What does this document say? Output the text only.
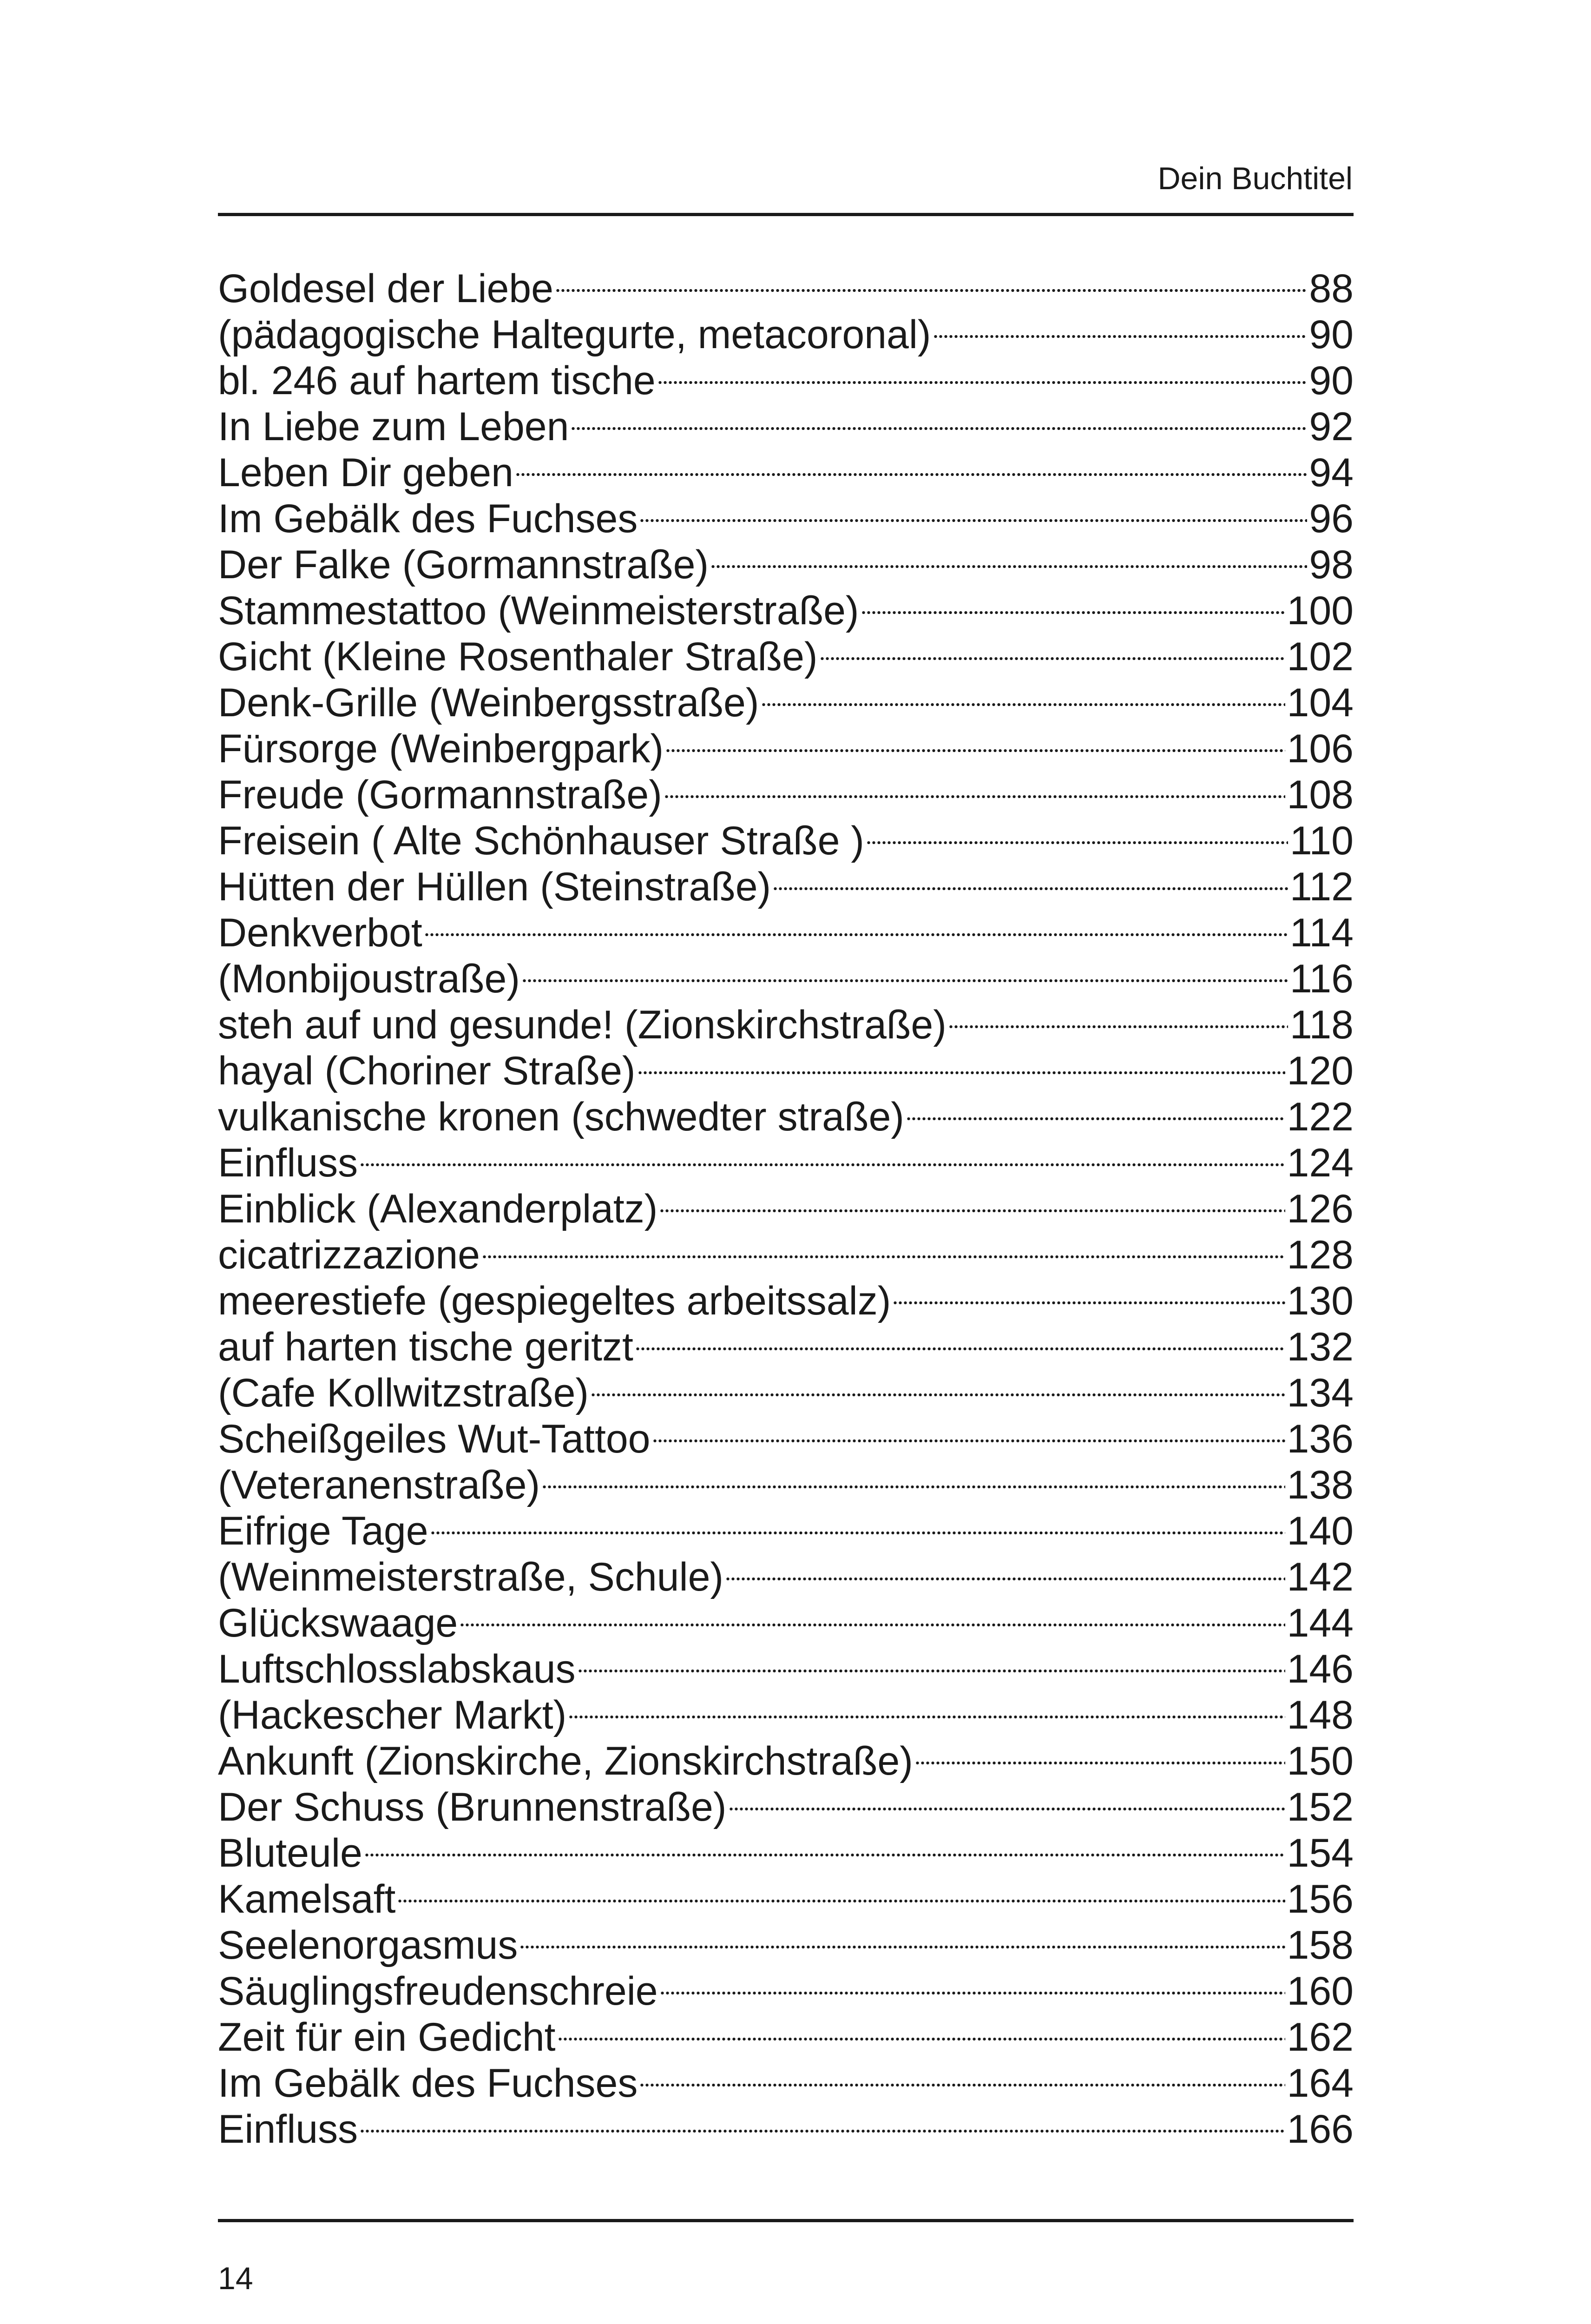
Dein Buchtitel
Goldesel der Liebe	88
(pädagogische Haltegurte, metacoronal)	90
bl. 246 auf hartem tische	90
In Liebe zum Leben	92
Leben Dir geben	94
Im Gebälk des Fuchses	96
Der Falke (Gormannstraße)	98
Stammestattoo (Weinmeisterstraße)	100
Gicht (Kleine Rosenthaler Straße)	102
Denk-Grille (Weinbergsstraße)	104
Fürsorge (Weinbergpark)	106
Freude (Gormannstraße)	108
Freisein ( Alte Schönhauser Straße )	110
Hütten der Hüllen (Steinstraße)	112
Denkverbot	114
(Monbijoustraße)	116
steh auf und gesunde! (Zionskirchstraße)	118
hayal (Choriner Straße)	120
vulkanische kronen (schwedter straße)	122
Einfluss	124
Einblick (Alexanderplatz)	126
cicatrizzazione	128
meerestiefe (gespiegeltes arbeitssalz)	130
auf harten tische geritzt	132
(Cafe Kollwitzstraße)	134
Scheißgeiles Wut-Tattoo	136
(Veteranenstraße)	138
Eifrige Tage	140
(Weinmeisterstraße, Schule)	142
Glückswaage	144
Luftschlosslabskaus	146
(Hackescher Markt)	148
Ankunft (Zionskirche, Zionskirchstraße)	150
Der Schuss (Brunnenstraße)	152
Bluteule	154
Kamelsaft	156
Seelenorgasmus	158
Säuglingsfreudenschreie	160
Zeit für ein Gedicht	162
Im Gebälk des Fuchses	164
Einfluss	166
14
